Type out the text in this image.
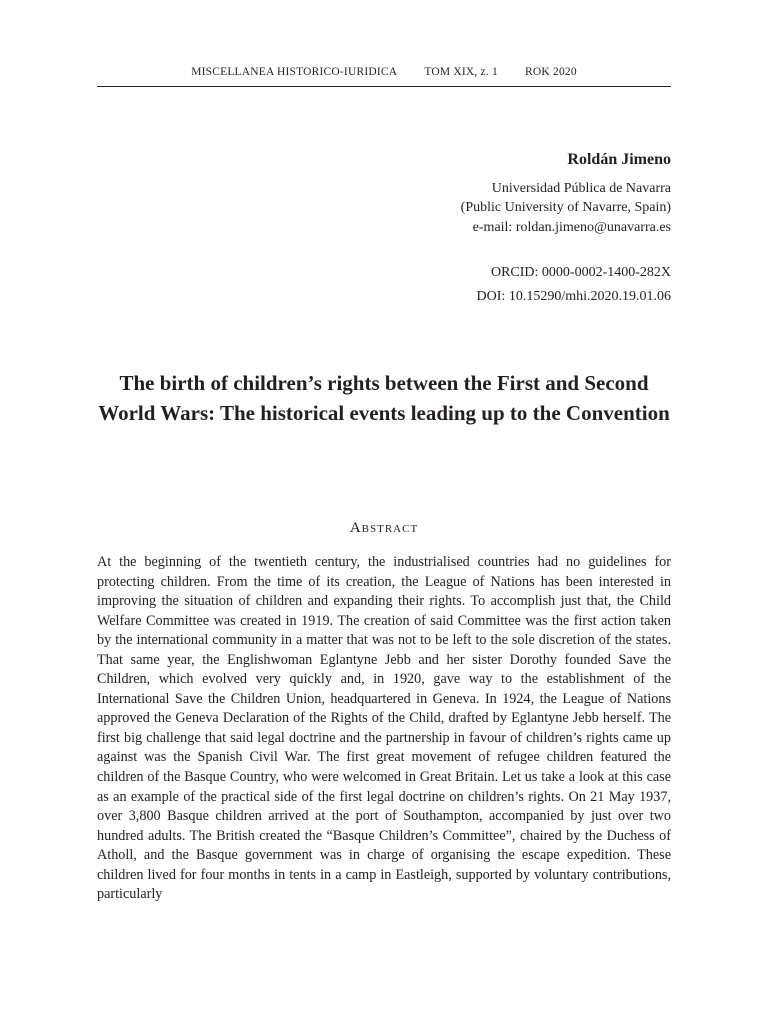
MISCELLANEA HISTORICO-IURIDICA TOM XIX, z. 1 ROK 2020
Roldán Jimeno
Universidad Pública de Navarra
(Public University of Navarre, Spain)
e-mail: roldan.jimeno@unavarra.es
ORCID: 0000-0002-1400-282X
DOI: 10.15290/mhi.2020.19.01.06
The birth of children’s rights between the First and Second World Wars: The historical events leading up to the Convention
Abstract

At the beginning of the twentieth century, the industrialised countries had no guidelines for protecting children. From the time of its creation, the League of Nations has been interested in improving the situation of children and expanding their rights. To accomplish just that, the Child Welfare Committee was created in 1919. The creation of said Committee was the first action taken by the international community in a matter that was not to be left to the sole discretion of the states. That same year, the Englishwoman Eglantyne Jebb and her sister Dorothy founded Save the Children, which evolved very quickly and, in 1920, gave way to the establishment of the International Save the Children Union, headquartered in Geneva. In 1924, the League of Nations approved the Geneva Declaration of the Rights of the Child, drafted by Eglantyne Jebb herself. The first big challenge that said legal doctrine and the partnership in favour of children’s rights came up against was the Spanish Civil War. The first great movement of refugee children featured the children of the Basque Country, who were welcomed in Great Britain. Let us take a look at this case as an example of the practical side of the first legal doctrine on children’s rights. On 21 May 1937, over 3,800 Basque children arrived at the port of Southampton, accompanied by just over two hundred adults. The British created the “Basque Children’s Committee”, chaired by the Duchess of Atholl, and the Basque government was in charge of organising the escape expedition. These children lived for four months in tents in a camp in Eastleigh, supported by voluntary contributions, particularly
